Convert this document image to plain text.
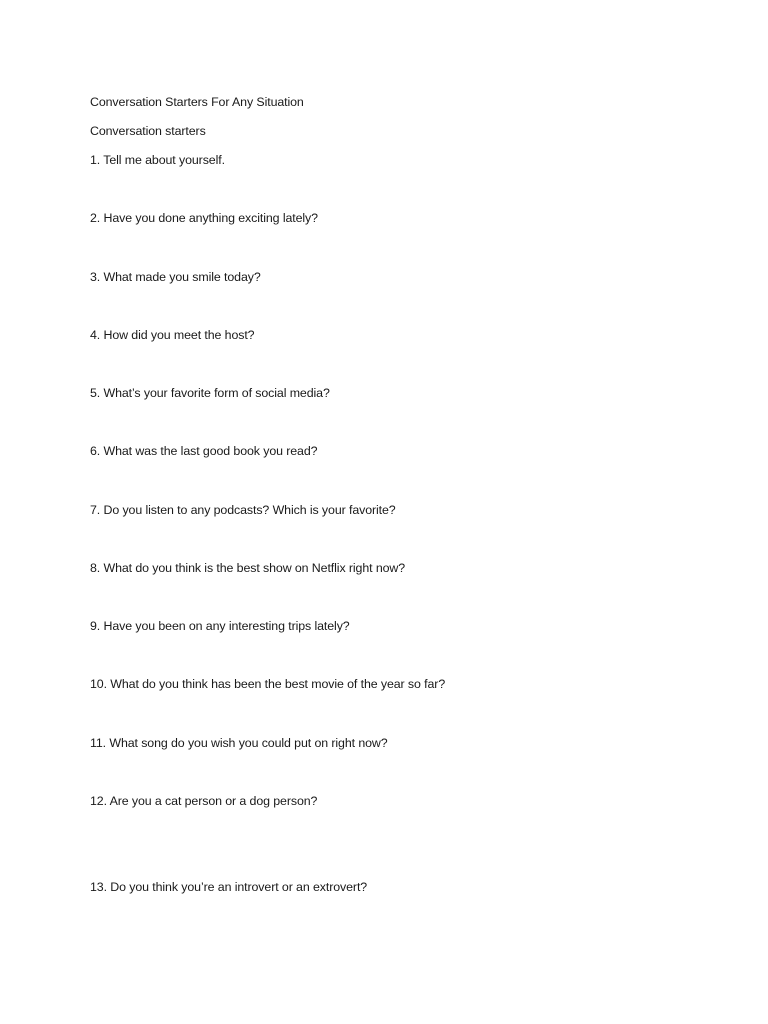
Conversation Starters For Any Situation
Conversation starters
1. Tell me about yourself.
2. Have you done anything exciting lately?
3. What made you smile today?
4. How did you meet the host?
5. What’s your favorite form of social media?
6. What was the last good book you read?
7. Do you listen to any podcasts? Which is your favorite?
8. What do you think is the best show on Netflix right now?
9. Have you been on any interesting trips lately?
10. What do you think has been the best movie of the year so far?
11. What song do you wish you could put on right now?
12. Are you a cat person or a dog person?
13. Do you think you’re an introvert or an extrovert?
